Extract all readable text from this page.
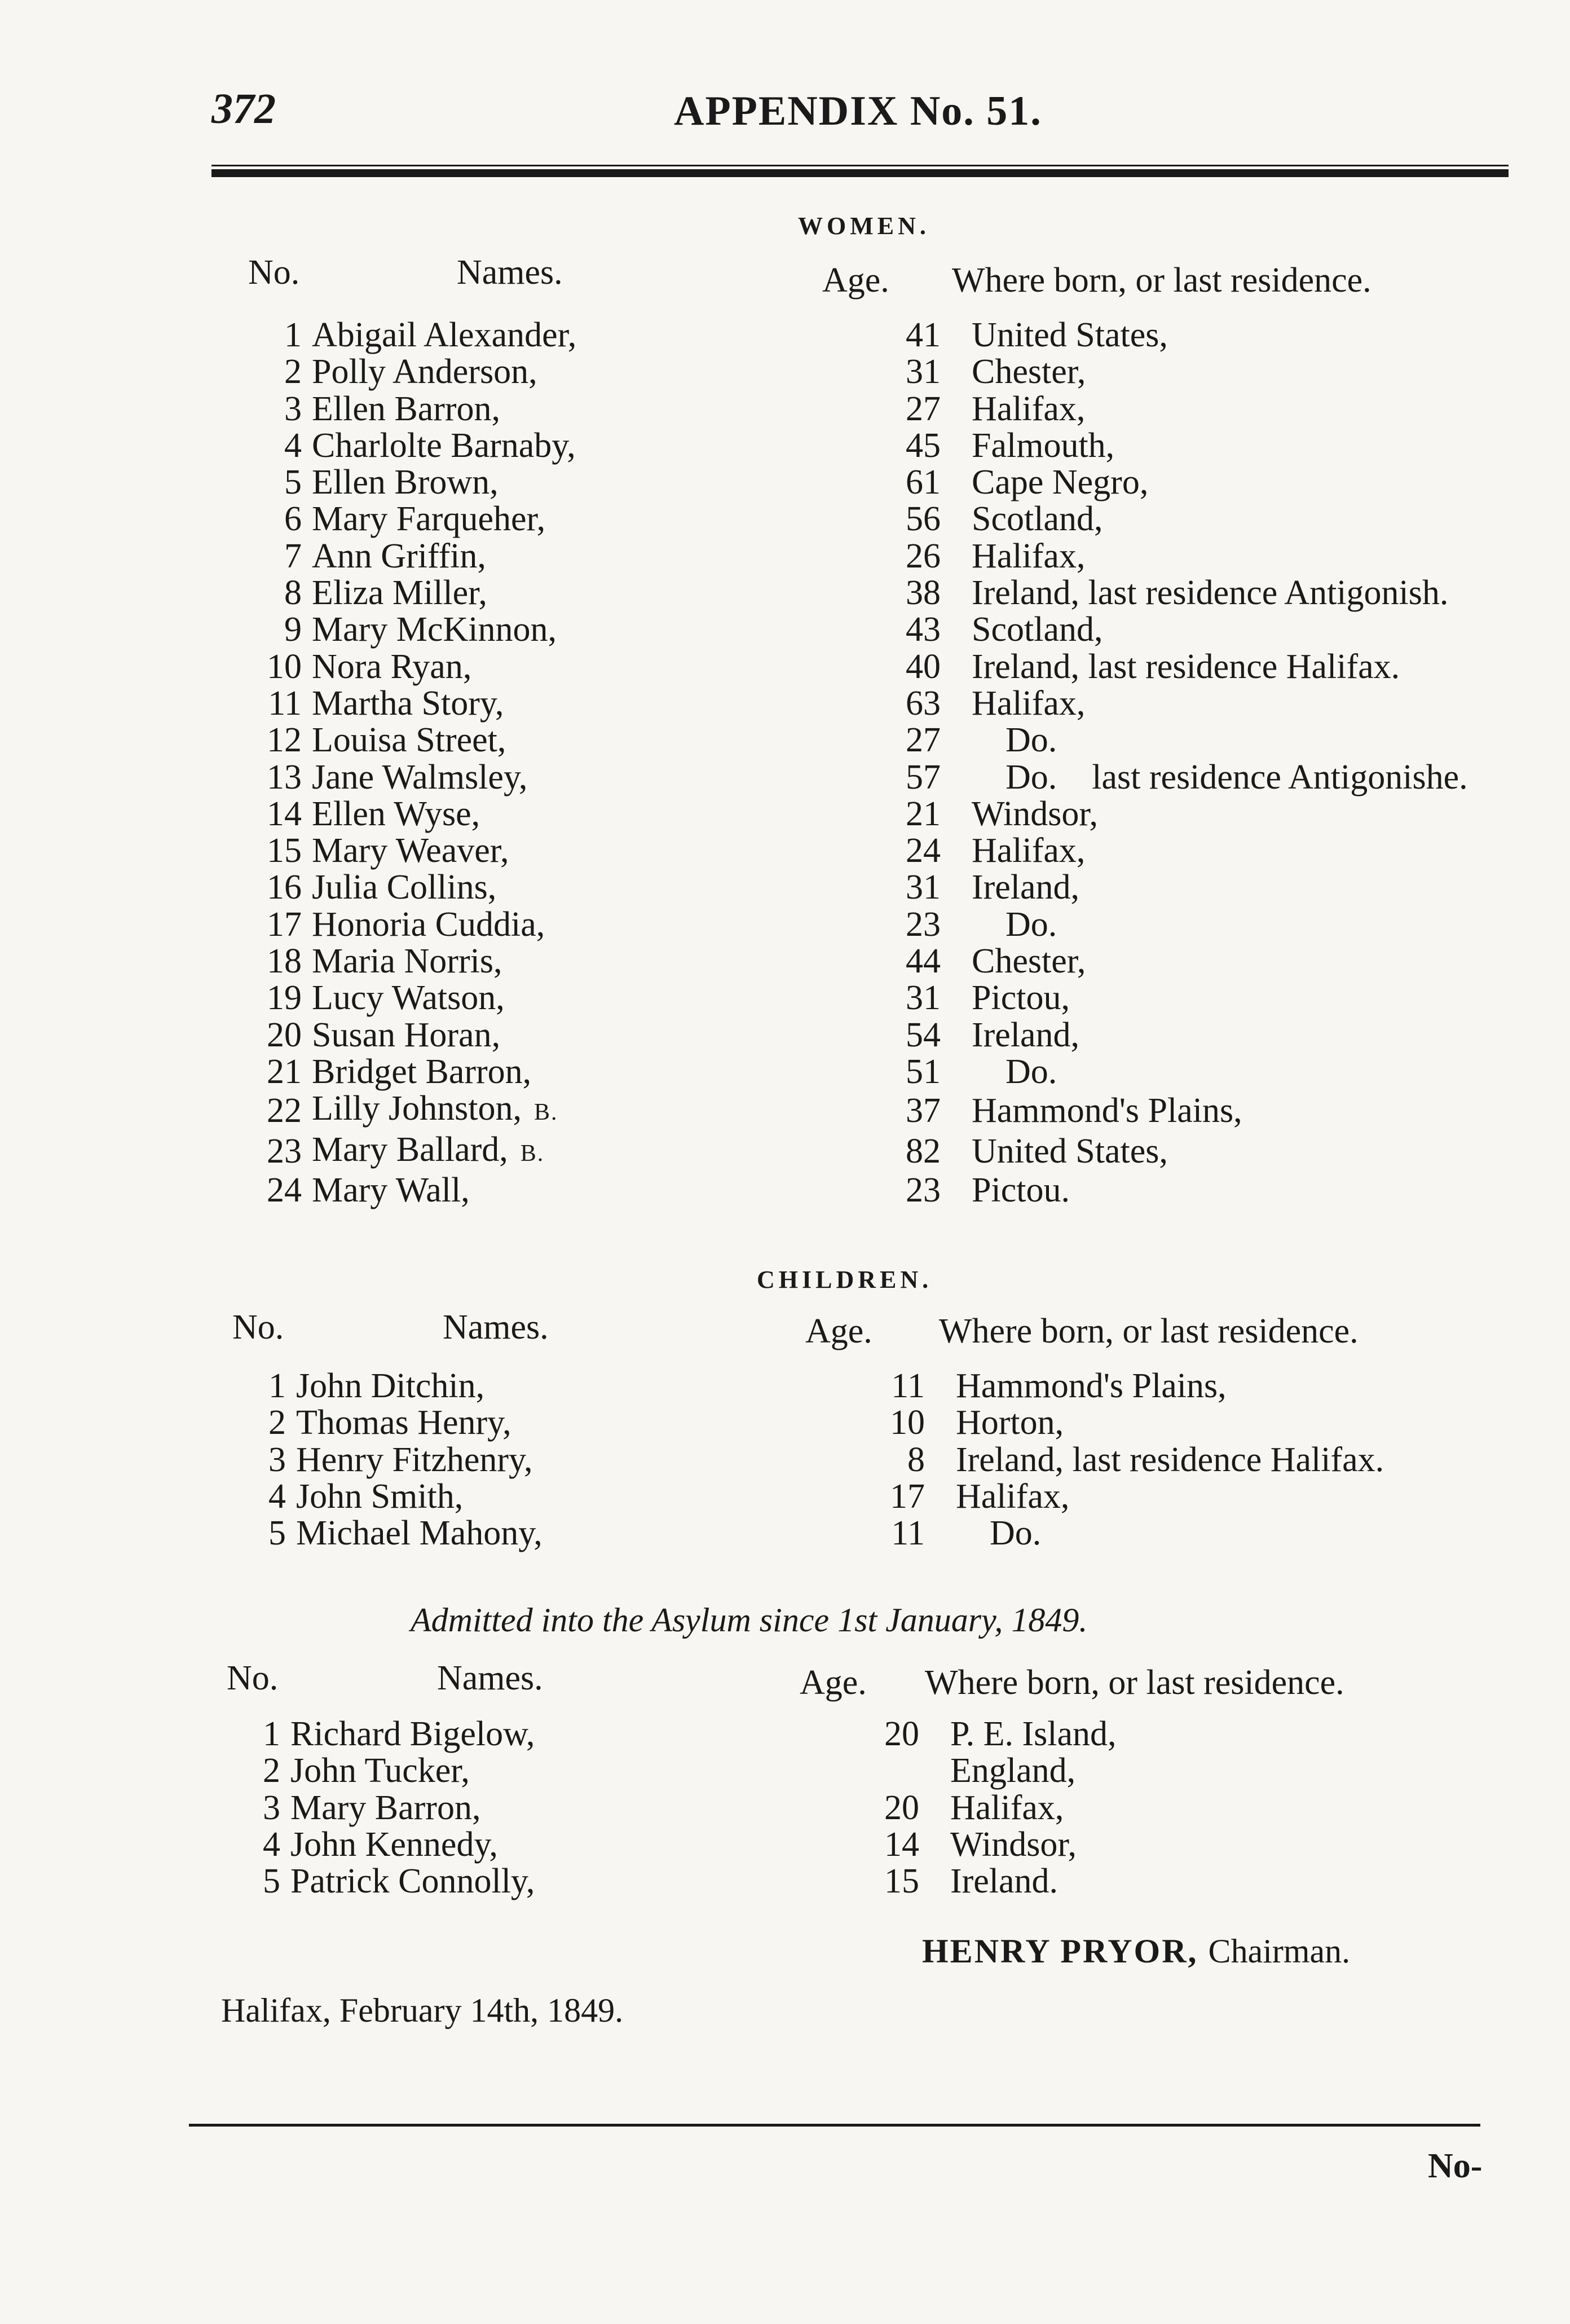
372	APPENDIX No. 51.
WOMEN.
No.	Names.	Age. Where born, or last residence.
1	Abigail Alexander,	41	United States,
2	Polly Anderson,	31	Chester,
3	Ellen Barron,	27	Halifax,
4	Charlolte Barnaby,	45	Falmouth,
5	Ellen Brown,	61	Cape Negro,
6	Mary Farqueher,	56	Scotland,
7	Ann Griffin,	26	Halifax,
8	Eliza Miller,	38	Ireland, last residence Antigonish.
9	Mary McKinnon,	43	Scotland,
10	Nora Ryan,	40	Ireland, last residence Halifax.
11	Martha Story,	63	Halifax,
12	Louisa Street,	27	Do.
13	Jane Walmsley,	57	Do.    last residence Antigonishe.
14	Ellen Wyse,	21	Windsor,
15	Mary Weaver,	24	Halifax,
16	Julia Collins,	31	Ireland,
17	Honoria Cuddia,	23	Do.
18	Maria Norris,	44	Chester,
19	Lucy Watson,	31	Pictou,
20	Susan Horan,	54	Ireland,
21	Bridget Barron,	51	Do.
22	Lilly Johnston, B.	37	Hammond's Plains,
23	Mary Ballard, B.	82	United States,
24	Mary Wall,	23	Pictou.
CHILDREN.
No.	Names.	Age. Where born, or last residence.
1	John Ditchin,	11	Hammond's Plains,
2	Thomas Henry,	10	Horton,
3	Henry Fitzhenry,	8	Ireland, last residence Halifax.
4	John Smith,	17	Halifax,
5	Michael Mahony,	11	Do.
Admitted into the Asylum since 1st January, 1849.
No.	Names.	Age. Where born, or last residence.
1	Richard Bigelow,	20	P. E. Island,
2	John Tucker,		England,
3	Mary Barron,	20	Halifax,
4	John Kennedy,	14	Windsor,
5	Patrick Connolly,	15	Ireland.
HENRY PRYOR, Chairman.
Halifax, February 14th, 1849.
No-
